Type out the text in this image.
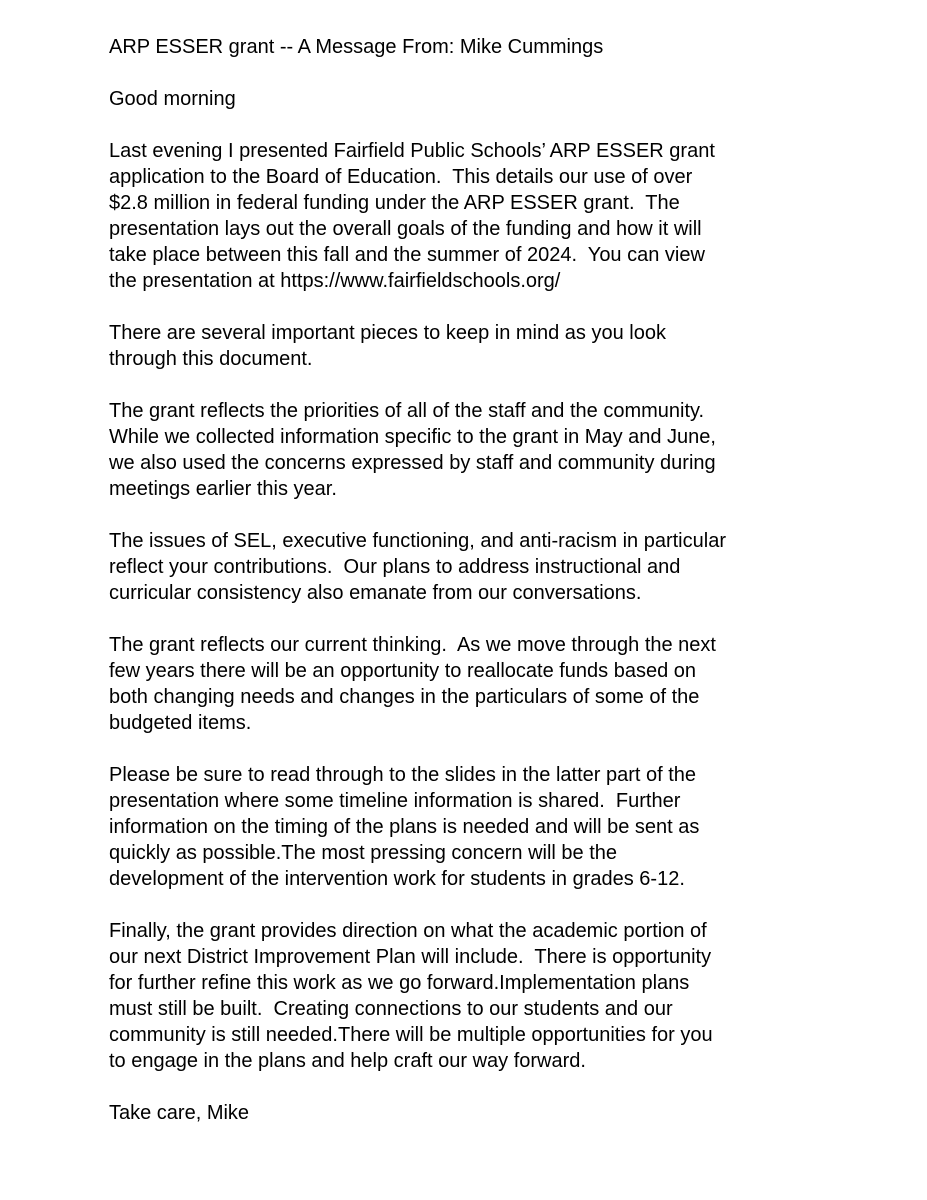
ARP ESSER grant -- A Message From: Mike Cummings
Good morning
Last evening I presented Fairfield Public Schools’ ARP ESSER grant
application to the Board of Education.  This details our use of over
$2.8 million in federal funding under the ARP ESSER grant.  The
presentation lays out the overall goals of the funding and how it will
take place between this fall and the summer of 2024.  You can view
the presentation at https://www.fairfieldschools.org/
There are several important pieces to keep in mind as you look
through this document.
The grant reflects the priorities of all of the staff and the community.
While we collected information specific to the grant in May and June,
we also used the concerns expressed by staff and community during
meetings earlier this year.
The issues of SEL, executive functioning, and anti-racism in particular
reflect your contributions.  Our plans to address instructional and
curricular consistency also emanate from our conversations.
The grant reflects our current thinking.  As we move through the next
few years there will be an opportunity to reallocate funds based on
both changing needs and changes in the particulars of some of the
budgeted items.
Please be sure to read through to the slides in the latter part of the
presentation where some timeline information is shared.  Further
information on the timing of the plans is needed and will be sent as
quickly as possible.The most pressing concern will be the
development of the intervention work for students in grades 6-12.
Finally, the grant provides direction on what the academic portion of
our next District Improvement Plan will include.  There is opportunity
for further refine this work as we go forward.Implementation plans
must still be built.  Creating connections to our students and our
community is still needed.There will be multiple opportunities for you
to engage in the plans and help craft our way forward.
Take care, Mike
